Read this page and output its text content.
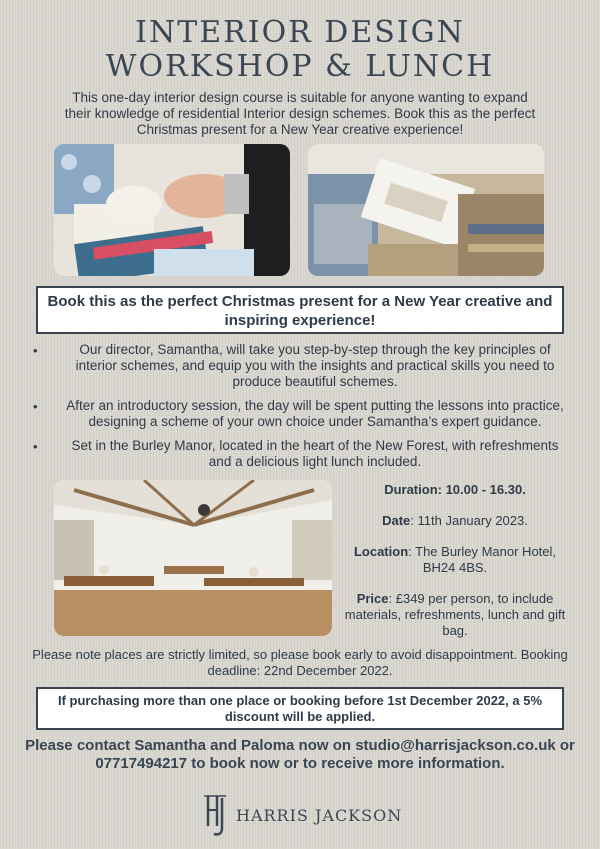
INTERIOR DESIGN
WORKSHOP & LUNCH
This one-day interior design course is suitable for anyone wanting to expand their knowledge of residential Interior design schemes. Book this as the perfect Christmas present for a New Year creative experience!
Book this as the perfect Christmas present for a New Year creative and inspiring experience!
•	Our director, Samantha, will take you step-by-step through the key principles of interior schemes, and equip you with the insights and practical skills you need to produce beautiful schemes.
• After an introductory session, the day will be spent putting the lessons into practice, designing a scheme of your own choice under Samantha’s expert guidance.
•	Set in the Burley Manor, located in the heart of the New Forest, with refreshments and a delicious light lunch included.

Duration: 10.00 - 16.30.

Date: 11th January 2023.

Location: The Burley Manor Hotel, BH24 4BS.

Price: £349 per person, to include materials, refreshments, lunch and gift bag.

Please note places are strictly limited, so please book early to avoid disappointment. Booking deadline: 22nd December 2022.
If purchasing more than one place or booking before 1st December 2022, a 5% discount will be applied.
Please contact Samantha and Paloma now on studio@harrisjackson.co.uk or 07717494217 to book now or to receive more information.
HARRIS JACKSON
